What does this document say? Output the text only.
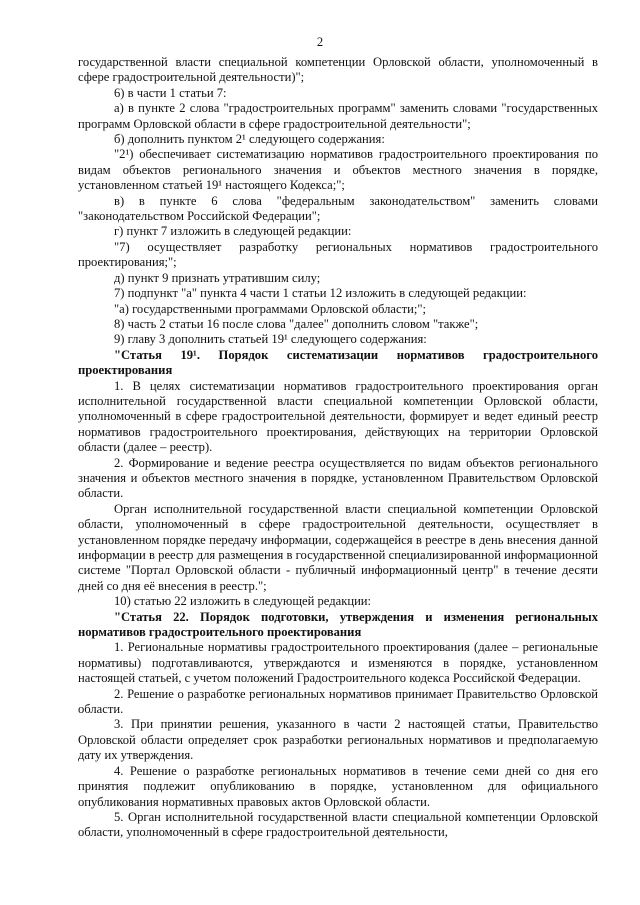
2

государственной власти специальной компетенции Орловской области, уполномоченный в сфере градостроительной деятельности)";

6) в части 1 статьи 7:

а) в пункте 2 слова "градостроительных программ" заменить словами "государственных программ Орловской области в сфере градостроительной деятельности";

б) дополнить пунктом 2¹ следующего содержания:

"2¹) обеспечивает систематизацию нормативов градостроительного проектирования по видам объектов регионального значения и объектов местного значения в порядке, установленном статьей 19¹ настоящего Кодекса;";

в) в пункте 6 слова "федеральным законодательством" заменить словами "законодательством Российской Федерации";

г) пункт 7 изложить в следующей редакции:

"7) осуществляет разработку региональных нормативов градостроительного проектирования;";

д) пункт 9 признать утратившим силу;

7) подпункт "а" пункта 4 части 1 статьи 12 изложить в следующей редакции:

"а) государственными программами Орловской области;";

8) часть 2 статьи 16 после слова "далее" дополнить словом "также";

9) главу 3 дополнить статьей 19¹ следующего содержания:

"Статья 19¹. Порядок систематизации нормативов градостроительного проектирования

1. В целях систематизации нормативов градостроительного проектирования орган исполнительной государственной власти специальной компетенции Орловской области, уполномоченный в сфере градостроительной деятельности, формирует и ведет единый реестр нормативов градостроительного проектирования, действующих на территории Орловской области (далее – реестр).

2. Формирование и ведение реестра осуществляется по видам объектов регионального значения и объектов местного значения в порядке, установленном Правительством Орловской области.

Орган исполнительной государственной власти специальной компетенции Орловской области, уполномоченный в сфере градостроительной деятельности, осуществляет в установленном порядке передачу информации, содержащейся в реестре в день внесения данной информации в реестр для размещения в государственной специализированной информационной системе "Портал Орловской области - публичный информационный центр" в течение десяти дней со дня её внесения в реестр.";

10) статью 22 изложить в следующей редакции:

"Статья 22. Порядок подготовки, утверждения и изменения региональных нормативов градостроительного проектирования

1. Региональные нормативы градостроительного проектирования (далее – региональные нормативы) подготавливаются, утверждаются и изменяются в порядке, установленном настоящей статьей, с учетом положений Градостроительного кодекса Российской Федерации.

2. Решение о разработке региональных нормативов принимает Правительство Орловской области.

3. При принятии решения, указанного в части 2 настоящей статьи, Правительство Орловской области определяет срок разработки региональных нормативов и предполагаемую дату их утверждения.

4. Решение о разработке региональных нормативов в течение семи дней со дня его принятия подлежит опубликованию в порядке, установленном для официального опубликования нормативных правовых актов Орловской области.

5. Орган исполнительной государственной власти специальной компетенции Орловской области, уполномоченный в сфере градостроительной деятельности,
